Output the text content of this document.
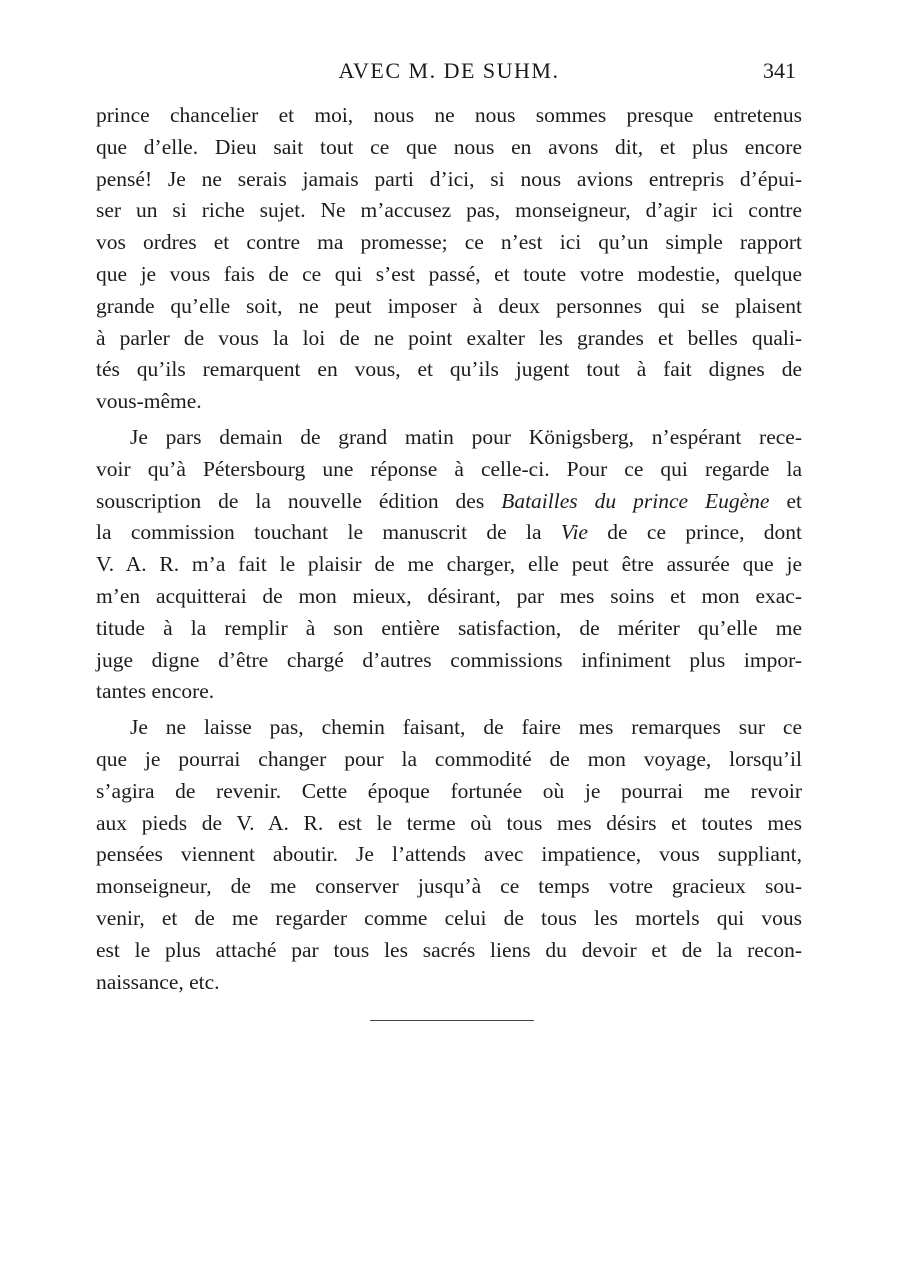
AVEC M. DE SUHM.	341
prince chancelier et moi, nous ne nous sommes presque entretenus
que d’elle. Dieu sait tout ce que nous en avons dit, et plus encore
pensé! Je ne serais jamais parti d’ici, si nous avions entrepris d’épui-
ser un si riche sujet. Ne m’accusez pas, monseigneur, d’agir ici contre
vos ordres et contre ma promesse; ce n’est ici qu’un simple rapport
que je vous fais de ce qui s’est passé, et toute votre modestie, quelque
grande qu’elle soit, ne peut imposer à deux personnes qui se plaisent
à parler de vous la loi de ne point exalter les grandes et belles quali-
tés qu’ils remarquent en vous, et qu’ils jugent tout à fait dignes de
vous-même.
Je pars demain de grand matin pour Königsberg, n’espérant rece-
voir qu’à Pétersbourg une réponse à celle-ci. Pour ce qui regarde la
souscription de la nouvelle édition des Batailles du prince Eugène et
la commission touchant le manuscrit de la Vie de ce prince, dont
V. A. R. m’a fait le plaisir de me charger, elle peut être assurée que je
m’en acquitterai de mon mieux, désirant, par mes soins et mon exac-
titude à la remplir à son entière satisfaction, de mériter qu’elle me
juge digne d’être chargé d’autres commissions infiniment plus impor-
tantes encore.
Je ne laisse pas, chemin faisant, de faire mes remarques sur ce
que je pourrai changer pour la commodité de mon voyage, lorsqu’il
s’agira de revenir. Cette époque fortunée où je pourrai me revoir
aux pieds de V. A. R. est le terme où tous mes désirs et toutes mes
pensées viennent aboutir. Je l’attends avec impatience, vous suppliant,
monseigneur, de me conserver jusqu’à ce temps votre gracieux sou-
venir, et de me regarder comme celui de tous les mortels qui vous
est le plus attaché par tous les sacrés liens du devoir et de la recon-
naissance, etc.
